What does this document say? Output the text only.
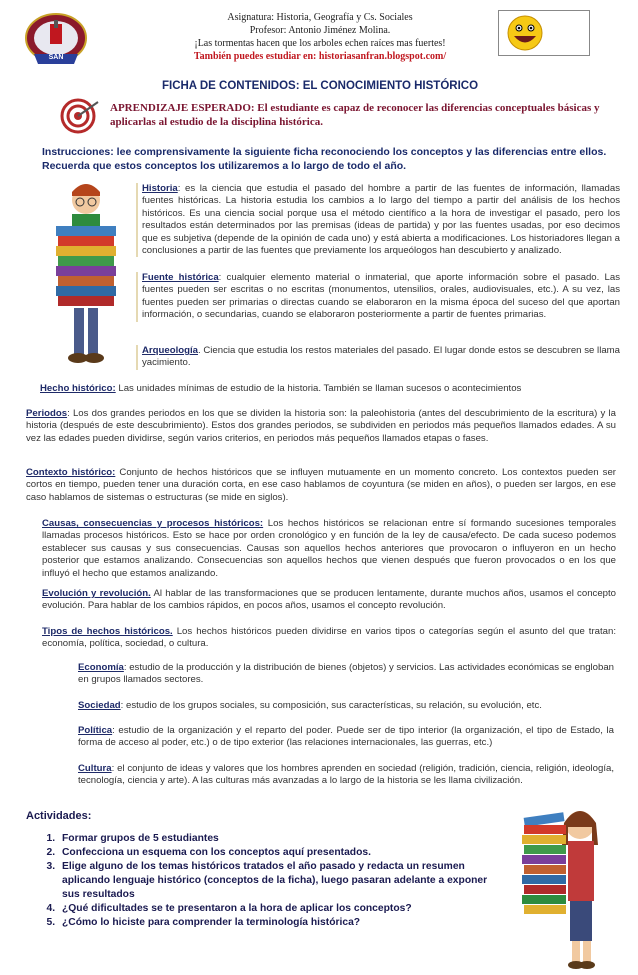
SAN
Asignatura: Historia, Geografía y Cs. Sociales
Profesor: Antonio Jiménez Molina.
¡Las tormentas hacen que los arboles echen raíces mas fuertes!
También puedes estudiar en: historiasanfran.blogspot.com/
FICHA DE CONTENIDOS: EL CONOCIMIENTO HISTÓRICO
APRENDIZAJE ESPERADO: El estudiante es capaz de reconocer las diferencias conceptuales básicas y aplicarlas al estudio de la disciplina histórica.
Instrucciones: lee comprensivamente la siguiente ficha reconociendo los conceptos y las diferencias entre ellos. Recuerda que estos conceptos los utilizaremos a lo largo de todo el año.
Historia: es la ciencia que estudia el pasado del hombre a partir de las fuentes de información, llamadas fuentes históricas. La historia estudia los cambios a lo largo del tiempo a partir del análisis de los hechos históricos. Es una ciencia social porque usa el método científico a la hora de investigar el pasado, pero los resultados están determinados por las premisas (ideas de partida) y por las fuentes usadas, por eso decimos que es subjetiva (depende de la opinión de cada uno) y está abierta a modificaciones. Los historiadores llegan a conclusiones a partir de las fuentes que previamente los arqueólogos han descubierto y analizado.
Fuente histórica: cualquier elemento material o inmaterial, que aporte información sobre el pasado. Las fuentes pueden ser escritas o no escritas (monumentos, utensilios, orales, audiovisuales, etc.). A su vez, las fuentes pueden ser primarias o directas cuando se elaboraron en la misma época del suceso del que aportan información, o secundarias, cuando se elaboraron posteriormente a partir de fuentes primarias.
Arqueología. Ciencia que estudia los restos materiales del pasado. El lugar donde estos se descubren se llama yacimiento.
Hecho histórico: Las unidades mínimas de estudio de la historia. También se llaman sucesos o acontecimientos
Periodos: Los dos grandes periodos en los que se dividen la historia son: la paleohistoria (antes del descubrimiento de la escritura) y la historia (después de este descubrimiento). Estos dos grandes periodos, se subdividen en periodos más pequeños llamados edades. A su vez las edades pueden dividirse, según varios criterios, en periodos más pequeños llamados etapas o fases.
Contexto histórico: Conjunto de hechos históricos que se influyen mutuamente en un momento concreto. Los contextos pueden ser cortos en tiempo, pueden tener una duración corta, en ese caso hablamos de coyuntura (se miden en años), o pueden ser largos, en ese caso hablamos de sistemas o estructuras (se mide en siglos).
Causas, consecuencias y procesos históricos: Los hechos históricos se relacionan entre sí formando sucesiones temporales llamadas procesos históricos. Esto se hace por orden cronológico y en función de la ley de causa/efecto. De cada suceso podemos establecer sus causas y sus consecuencias. Causas son aquellos hechos anteriores que provocaron o influyeron en un hecho posterior que estamos analizando. Consecuencias son aquellos hechos que vienen después que fueron provocados o en los que influyó el hecho que estamos analizando.
Evolución y revolución. Al hablar de las transformaciones que se producen lentamente, durante muchos años, usamos el concepto evolución. Para hablar de los cambios rápidos, en pocos años, usamos el concepto revolución.
Tipos de hechos históricos. Los hechos históricos pueden dividirse en varios tipos o categorías según el asunto del que tratan: economía, política, sociedad, o cultura.
Economía: estudio de la producción y la distribución de bienes (objetos) y servicios. Las actividades económicas se engloban en grupos llamados sectores.
Sociedad: estudio de los grupos sociales, su composición, sus características, su relación, su evolución, etc.
Política: estudio de la organización y el reparto del poder. Puede ser de tipo interior (la organización, el tipo de Estado, la forma de acceso al poder, etc.) o de tipo exterior (las relaciones internacionales, las guerras, etc.)
Cultura: el conjunto de ideas y valores que los hombres aprenden en sociedad (religión, tradición, ciencia, religión, ideología, tecnología, ciencia y arte). A las culturas más avanzadas a lo largo de la historia se les llama civilización.
Actividades:
1. Formar grupos de 5 estudiantes
2. Confecciona un esquema con los conceptos aquí presentados.
3. Elige alguno de los temas históricos tratados el año pasado y redacta un resumen aplicando lenguaje histórico (conceptos de la ficha), luego pasaran adelante a exponer sus resultados
4. ¿Qué dificultades se te presentaron a la hora de aplicar los conceptos?
5. ¿Cómo lo hiciste para comprender la terminología histórica?
